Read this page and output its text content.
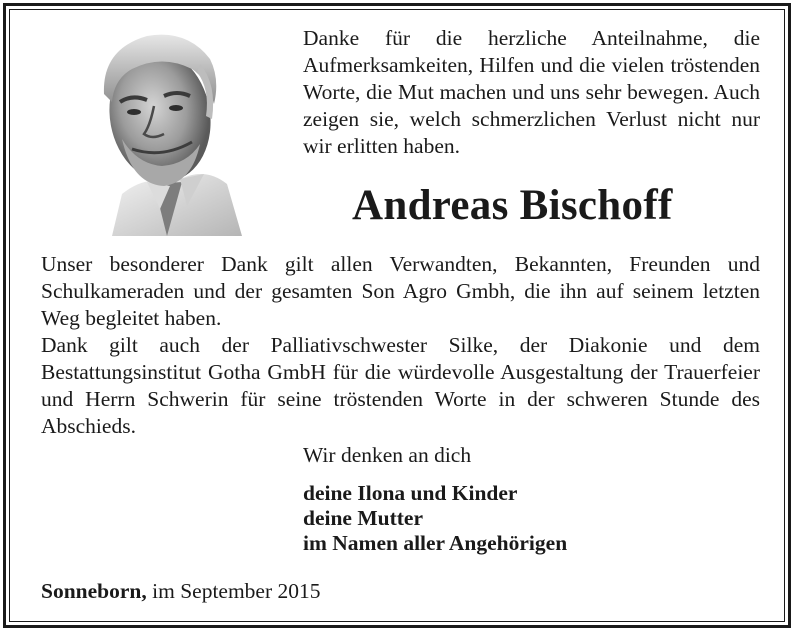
Danke für die herzliche Anteilnahme, die Aufmerksamkeiten, Hilfen und die vielen tröstenden Worte, die Mut machen und uns sehr bewegen. Auch zeigen sie, welch schmerzlichen Verlust nicht nur wir erlitten haben.
Andreas Bischoff

Unser besonderer Dank gilt allen Verwandten, Bekannten, Freunden und Schulkameraden und der gesamten Son Agro Gmbh, die ihn auf seinem letzten Weg begleitet haben.

Dank gilt auch der Palliativschwester Silke, der Diakonie und dem Bestattungsinstitut Gotha GmbH für die würdevolle Ausgestaltung der Trauerfeier und Herrn Schwerin für seine tröstenden Worte in der schweren Stunde des Abschieds.

Wir denken an dich
deine Ilona und Kinder
deine Mutter
im Namen aller Angehörigen
Sonneborn, im September 2015
